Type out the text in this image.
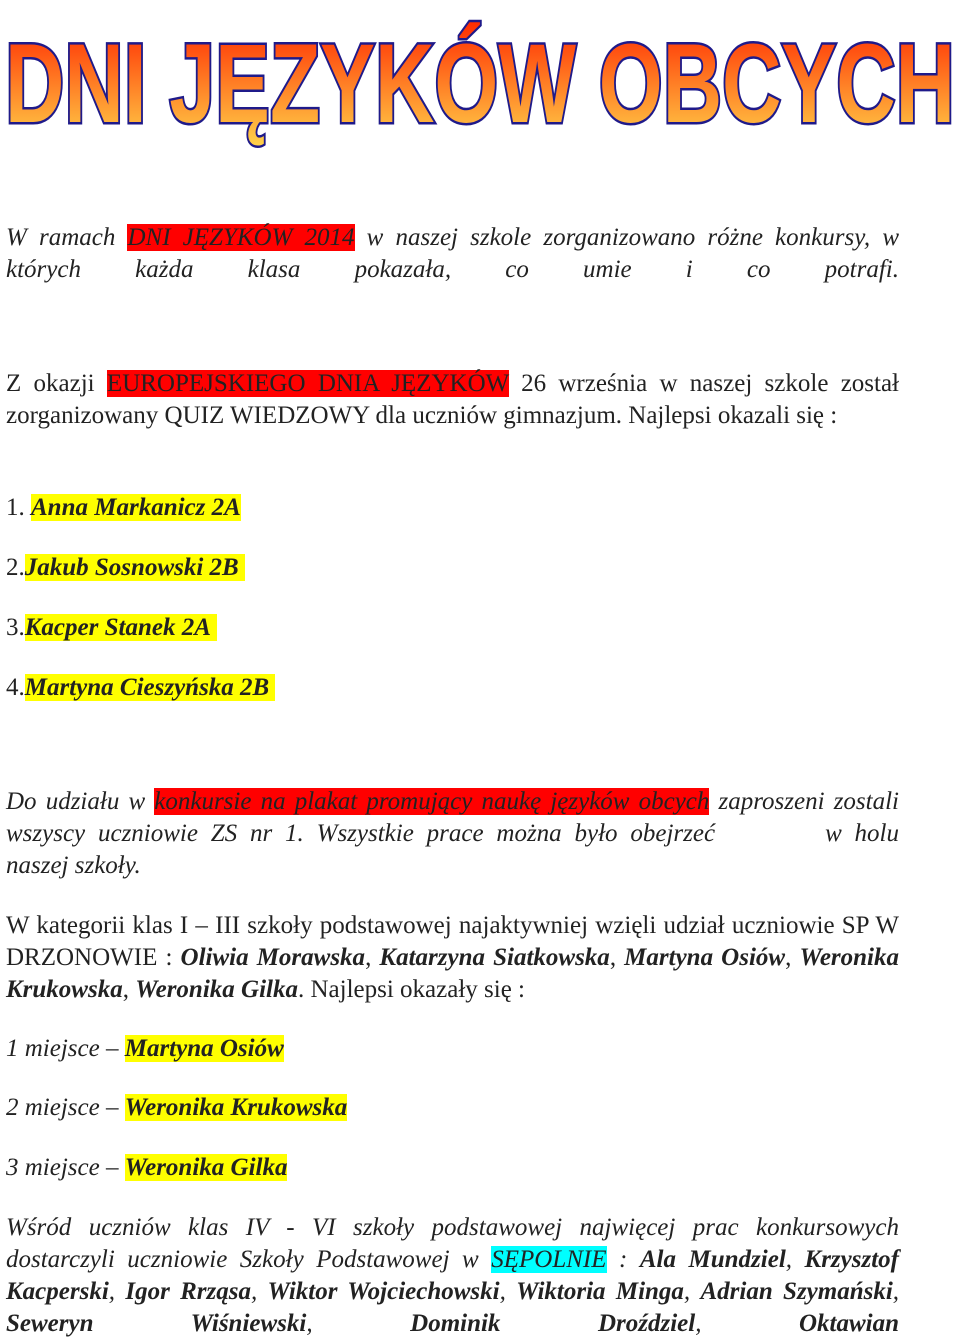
DNI JĘZYKÓW OBCYCH

W ramach DNI JĘZYKÓW 2014 w naszej szkole zorganizowano różne konkursy, w których każda klasa pokazała, co umie i co potrafi.

Z okazji EUROPEJSKIEGO DNIA JĘZYKÓW 26 września w naszej szkole został zorganizowany QUIZ WIEDZOWY dla uczniów gimnazjum. Najlepsi okazali się :

1. Anna Markanicz 2A
2.Jakub Sosnowski 2B
3.Kacper Stanek 2A
4.Martyna Cieszyńska 2B

Do udziału w konkursie na plakat promujący naukę języków obcych zaproszeni zostali wszyscy uczniowie ZS nr 1. Wszystkie prace można było obejrzeć	w holu naszej szkoły.

W kategorii klas I – III szkoły podstawowej najaktywniej wzięli udział uczniowie SP W DRZONOWIE : Oliwia Morawska, Katarzyna Siatkowska, Martyna Osiów, Weronika Krukowska, Weronika Gilka. Najlepsi okazały się :

1 miejsce – Martyna Osiów
2 miejsce – Weronika Krukowska
3 miejsce – Weronika Gilka

Wśród uczniów klas IV - VI szkoły podstawowej najwięcej prac konkursowych dostarczyli uczniowie Szkoły Podstawowej w SĘPOLNIE : Ala Mundziel, Krzysztof Kacperski, Igor Rrząsa, Wiktor Wojciechowski, Wiktoria Minga, Adrian Szymański, Seweryn Wiśniewski, Dominik Droździel, Oktawian
